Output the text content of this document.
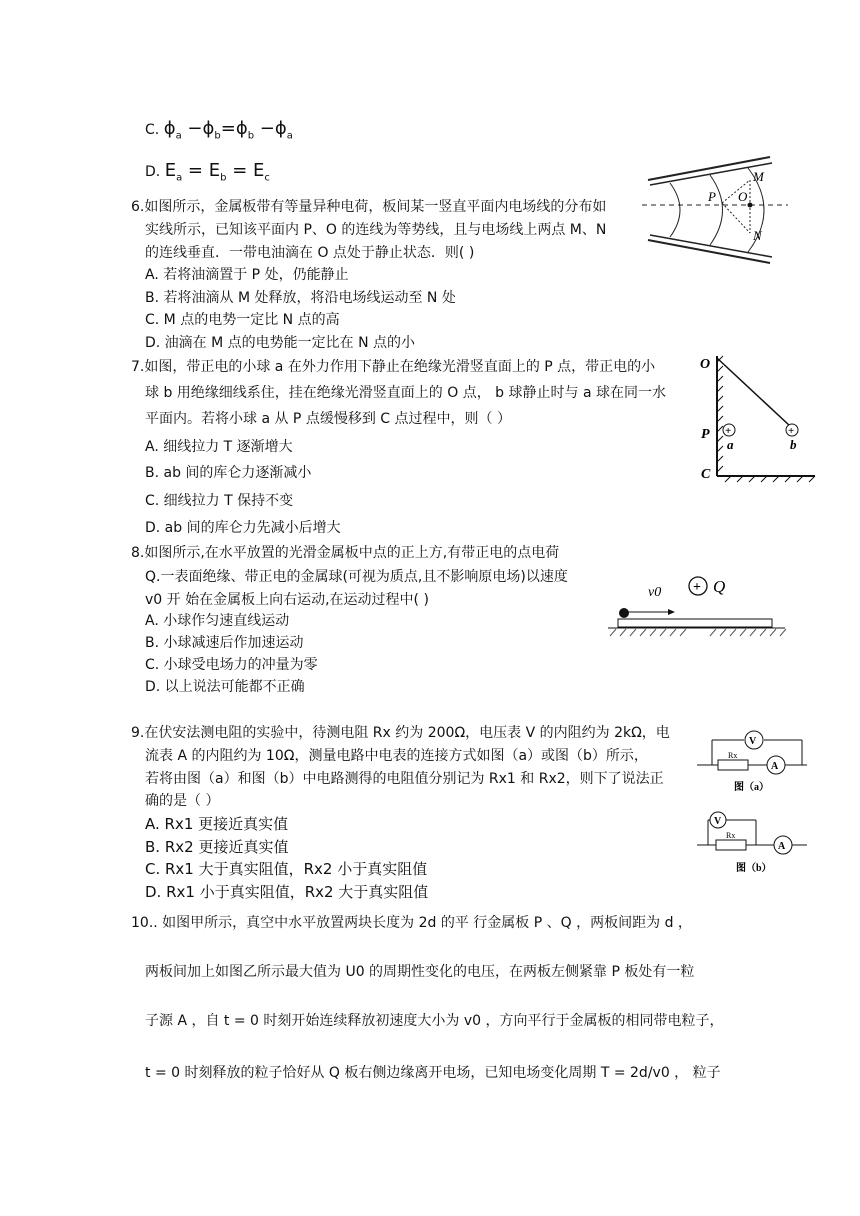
C. $\phi_a -\phi_b=\phi_b -\phi_a$
D. $E_a = E_b = E_c$
6.如图所示，金属板带有等量异种电荷，板间某一竖直平面内电场线的分布如
实线所示，已知该平面内 P、O 的连线为等势线，且与电场线上两点 M、N
的连线垂直．一带电油滴在 O 点处于静止状态．则( )
A. 若将油滴置于 P 处，仍能静止
B. 若将油滴从 M 处释放，将沿电场线运动至 N 处
C. M 点的电势一定比 N 点的高
D. 油滴在 M 点的电势能一定比在 N 点的小
P O
M
N
7.如图，带正电的小球 a 在外力作用下静止在绝缘光滑竖直面上的 P 点，带正电的小
球 b 用绝缘细线系住，挂在绝缘光滑竖直面上的 O 点， b 球静止时与 a 球在同一水
平面内。若将小球 a 从 P 点缓慢移到 C 点过程中，则（ ）
A. 细线拉力 T 逐渐增大
B. ab 间的库仑力逐渐减小
C. 细线拉力 T 保持不变
D. ab 间的库仑力先减小后增大
+
+
O
P
C
a	b
8.如图所示,在水平放置的光滑金属板中点的正上方,有带正电的点电荷
Q.一表面绝缘、带正电的金属球(可视为质点,且不影响原电场)以速度
v0 开 始在金属板上向右运动,在运动过程中( )
A. 小球作匀速直线运动
B. 小球减速后作加速运动
C. 小球受电场力的冲量为零
D. 以上说法可能都不正确
+ Q
v0
9.在伏安法测电阻的实验中，待测电阻 Rx 约为 200Ω，电压表 V 的内阻约为 2kΩ，电
流表 A 的内阻约为 10Ω，测量电路中电表的连接方式如图（a）或图（b）所示，
若将由图（a）和图（b）中电路测得的电阻值分别记为 Rx1 和 Rx2，则下了说法正
确的是（ ）
A. Rx1 更接近真实值
B. Rx2 更接近真实值
C. Rx1 大于真实阻值，Rx2 小于真实阻值
D. Rx1 小于真实阻值，Rx2 大于真实阻值
V
Rx
A
图（a）
V
Rx
A
图（b）
10.. 如图甲所示，真空中水平放置两块长度为 2d 的平 行金属板 P 、Q ，两板间距为 d ，
两板间加上如图乙所示最大值为 U0 的周期性变化的电压，在两板左侧紧靠 P 板处有一粒
子源 A ，自 t = 0 时刻开始连续释放初速度大小为 v0 ，方向平行于金属板的相同带电粒子，
t = 0 时刻释放的粒子恰好从 Q 板右侧边缘离开电场，已知电场变化周期 T = 2d/v0 ， 粒子
